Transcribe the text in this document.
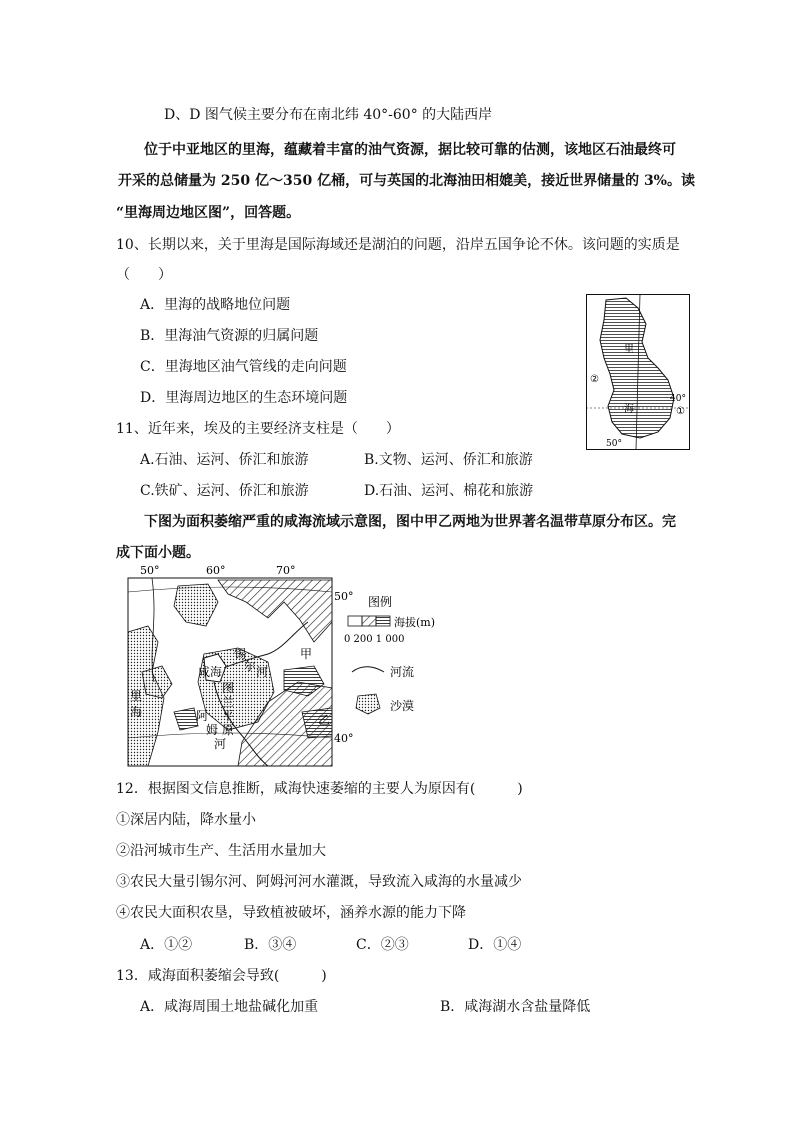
D、D 图气候主要分布在南北纬 40°-60° 的大陆西岸
位于中亚地区的里海，蕴藏着丰富的油气资源，据比较可靠的估测，该地区石油最终可
开采的总储量为 250 亿～350 亿桶，可与英国的北海油田相媲美，接近世界储量的 3%。读
“里海周边地区图”，回答题。
10、长期以来，关于里海是国际海域还是湖泊的问题，沿岸五国争论不休。该问题的实质是
（　　）
A．里海的战略地位问题
B．里海油气资源的归属问题
C．里海地区油气管线的走向问题
D．里海周边地区的生态环境问题
里
海
40°
50°
②
①
11、近年来，埃及的主要经济支柱是（　　）
A.石油、运河、侨汇和旅游	B.文物、运河、侨汇和旅游
C.铁矿、运河、侨汇和旅游	D.石油、运河、棉花和旅游
下图为面积萎缩严重的咸海流域示意图，图中甲乙两地为世界著名温带草原分布区。完
成下面小题。
50°	60°	70°
50°
40°
锡
尔 河
咸海
图
兰
平
原
阿
姆
河
里
海
甲
乙
图例
海拔(m)
0 200 1 000
河流
沙漠
12．根据图文信息推断，咸海快速萎缩的主要人为原因有(　　　)
①深居内陆，降水量小
②沿河城市生产、生活用水量加大
③农民大量引锡尔河、阿姆河河水灌溉，导致流入咸海的水量减少
④农民大面积农垦，导致植被破坏，涵养水源的能力下降
A．①②	B．③④	C．②③	D．①④
13．咸海面积萎缩会导致(　　　)
A．咸海周围土地盐碱化加重	B．咸海湖水含盐量降低
